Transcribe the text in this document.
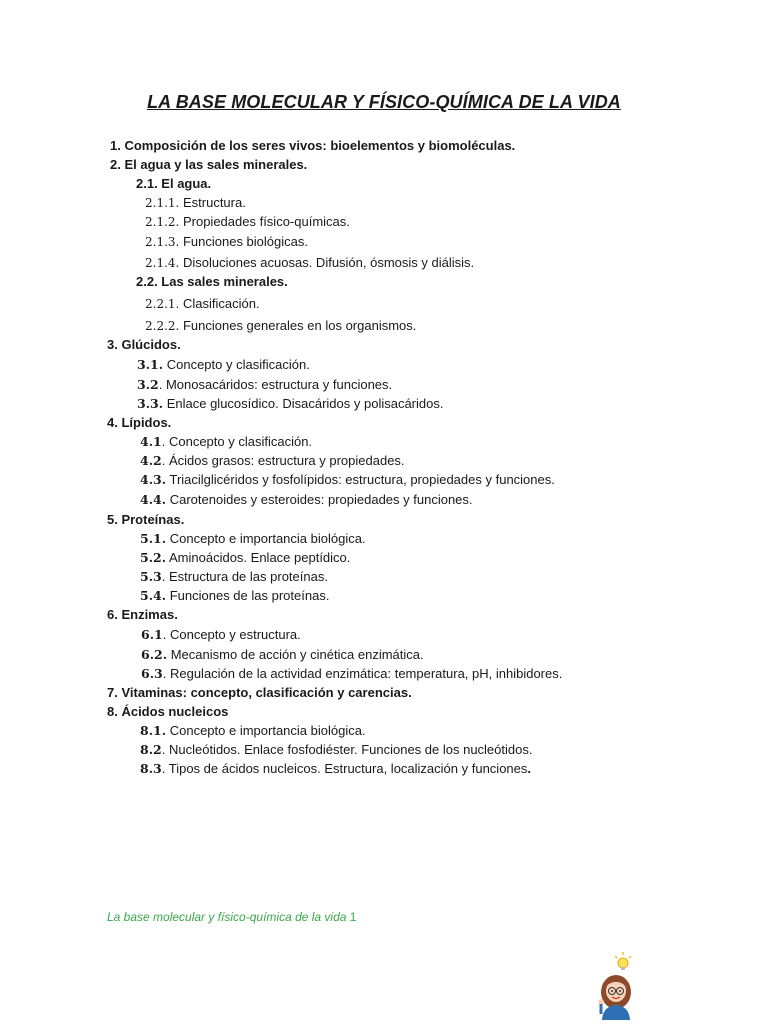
LA BASE MOLECULAR Y FÍSICO-QUÍMICA DE LA VIDA
1. Composición de los seres vivos: bioelementos y biomoléculas.
2. El agua y las sales minerales.
2.1. El agua.
2.1.1. Estructura.
2.1.2. Propiedades físico-químicas.
2.1.3. Funciones biológicas.
2.1.4. Disoluciones acuosas. Difusión, ósmosis y diálisis.
2.2. Las sales minerales.
2.2.1. Clasificación.
2.2.2. Funciones generales en los organismos.
3. Glúcidos.
3.1. Concepto y clasificación.
3.2. Monosacáridos: estructura y funciones.
3.3. Enlace glucosídico. Disacáridos y polisacáridos.
4. Lípidos.
4.1. Concepto y clasificación.
4.2. Ácidos grasos: estructura y propiedades.
4.3. Triacilglicéridos y fosfolípidos: estructura, propiedades y funciones.
4.4. Carotenoides y esteroides: propiedades y funciones.
5. Proteínas.
5.1. Concepto e importancia biológica.
5.2. Aminoácidos. Enlace peptídico.
5.3. Estructura de las proteínas.
5.4. Funciones de las proteínas.
6. Enzimas.
6.1. Concepto y estructura.
6.2. Mecanismo de acción y cinética enzimática.
6.3. Regulación de la actividad enzimática: temperatura, pH, inhibidores.
7. Vitaminas: concepto, clasificación y carencias.
8. Ácidos nucleicos
8.1. Concepto e importancia biológica.
8.2. Nucleótidos. Enlace fosfodiéster. Funciones de los nucleótidos.
8.3. Tipos de ácidos nucleicos. Estructura, localización y funciones.
La base molecular y físico-química de la vida 1
